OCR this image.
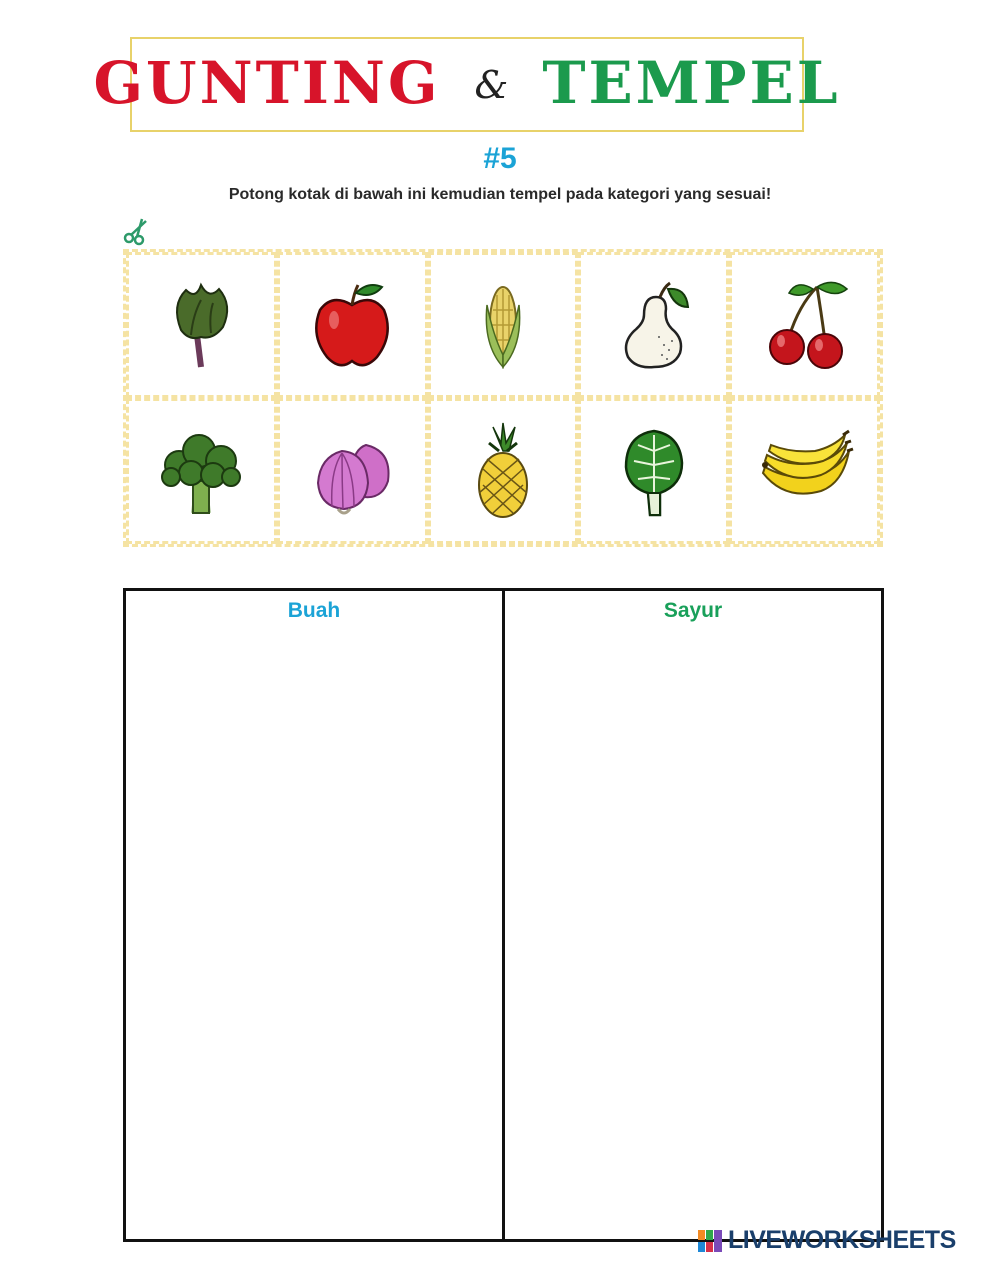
GUNTING & TEMPEL
#5
Potong kotak di bawah ini kemudian tempel pada kategori yang sesuai!
Buah	Sayur
LIVEWORKSHEETS
